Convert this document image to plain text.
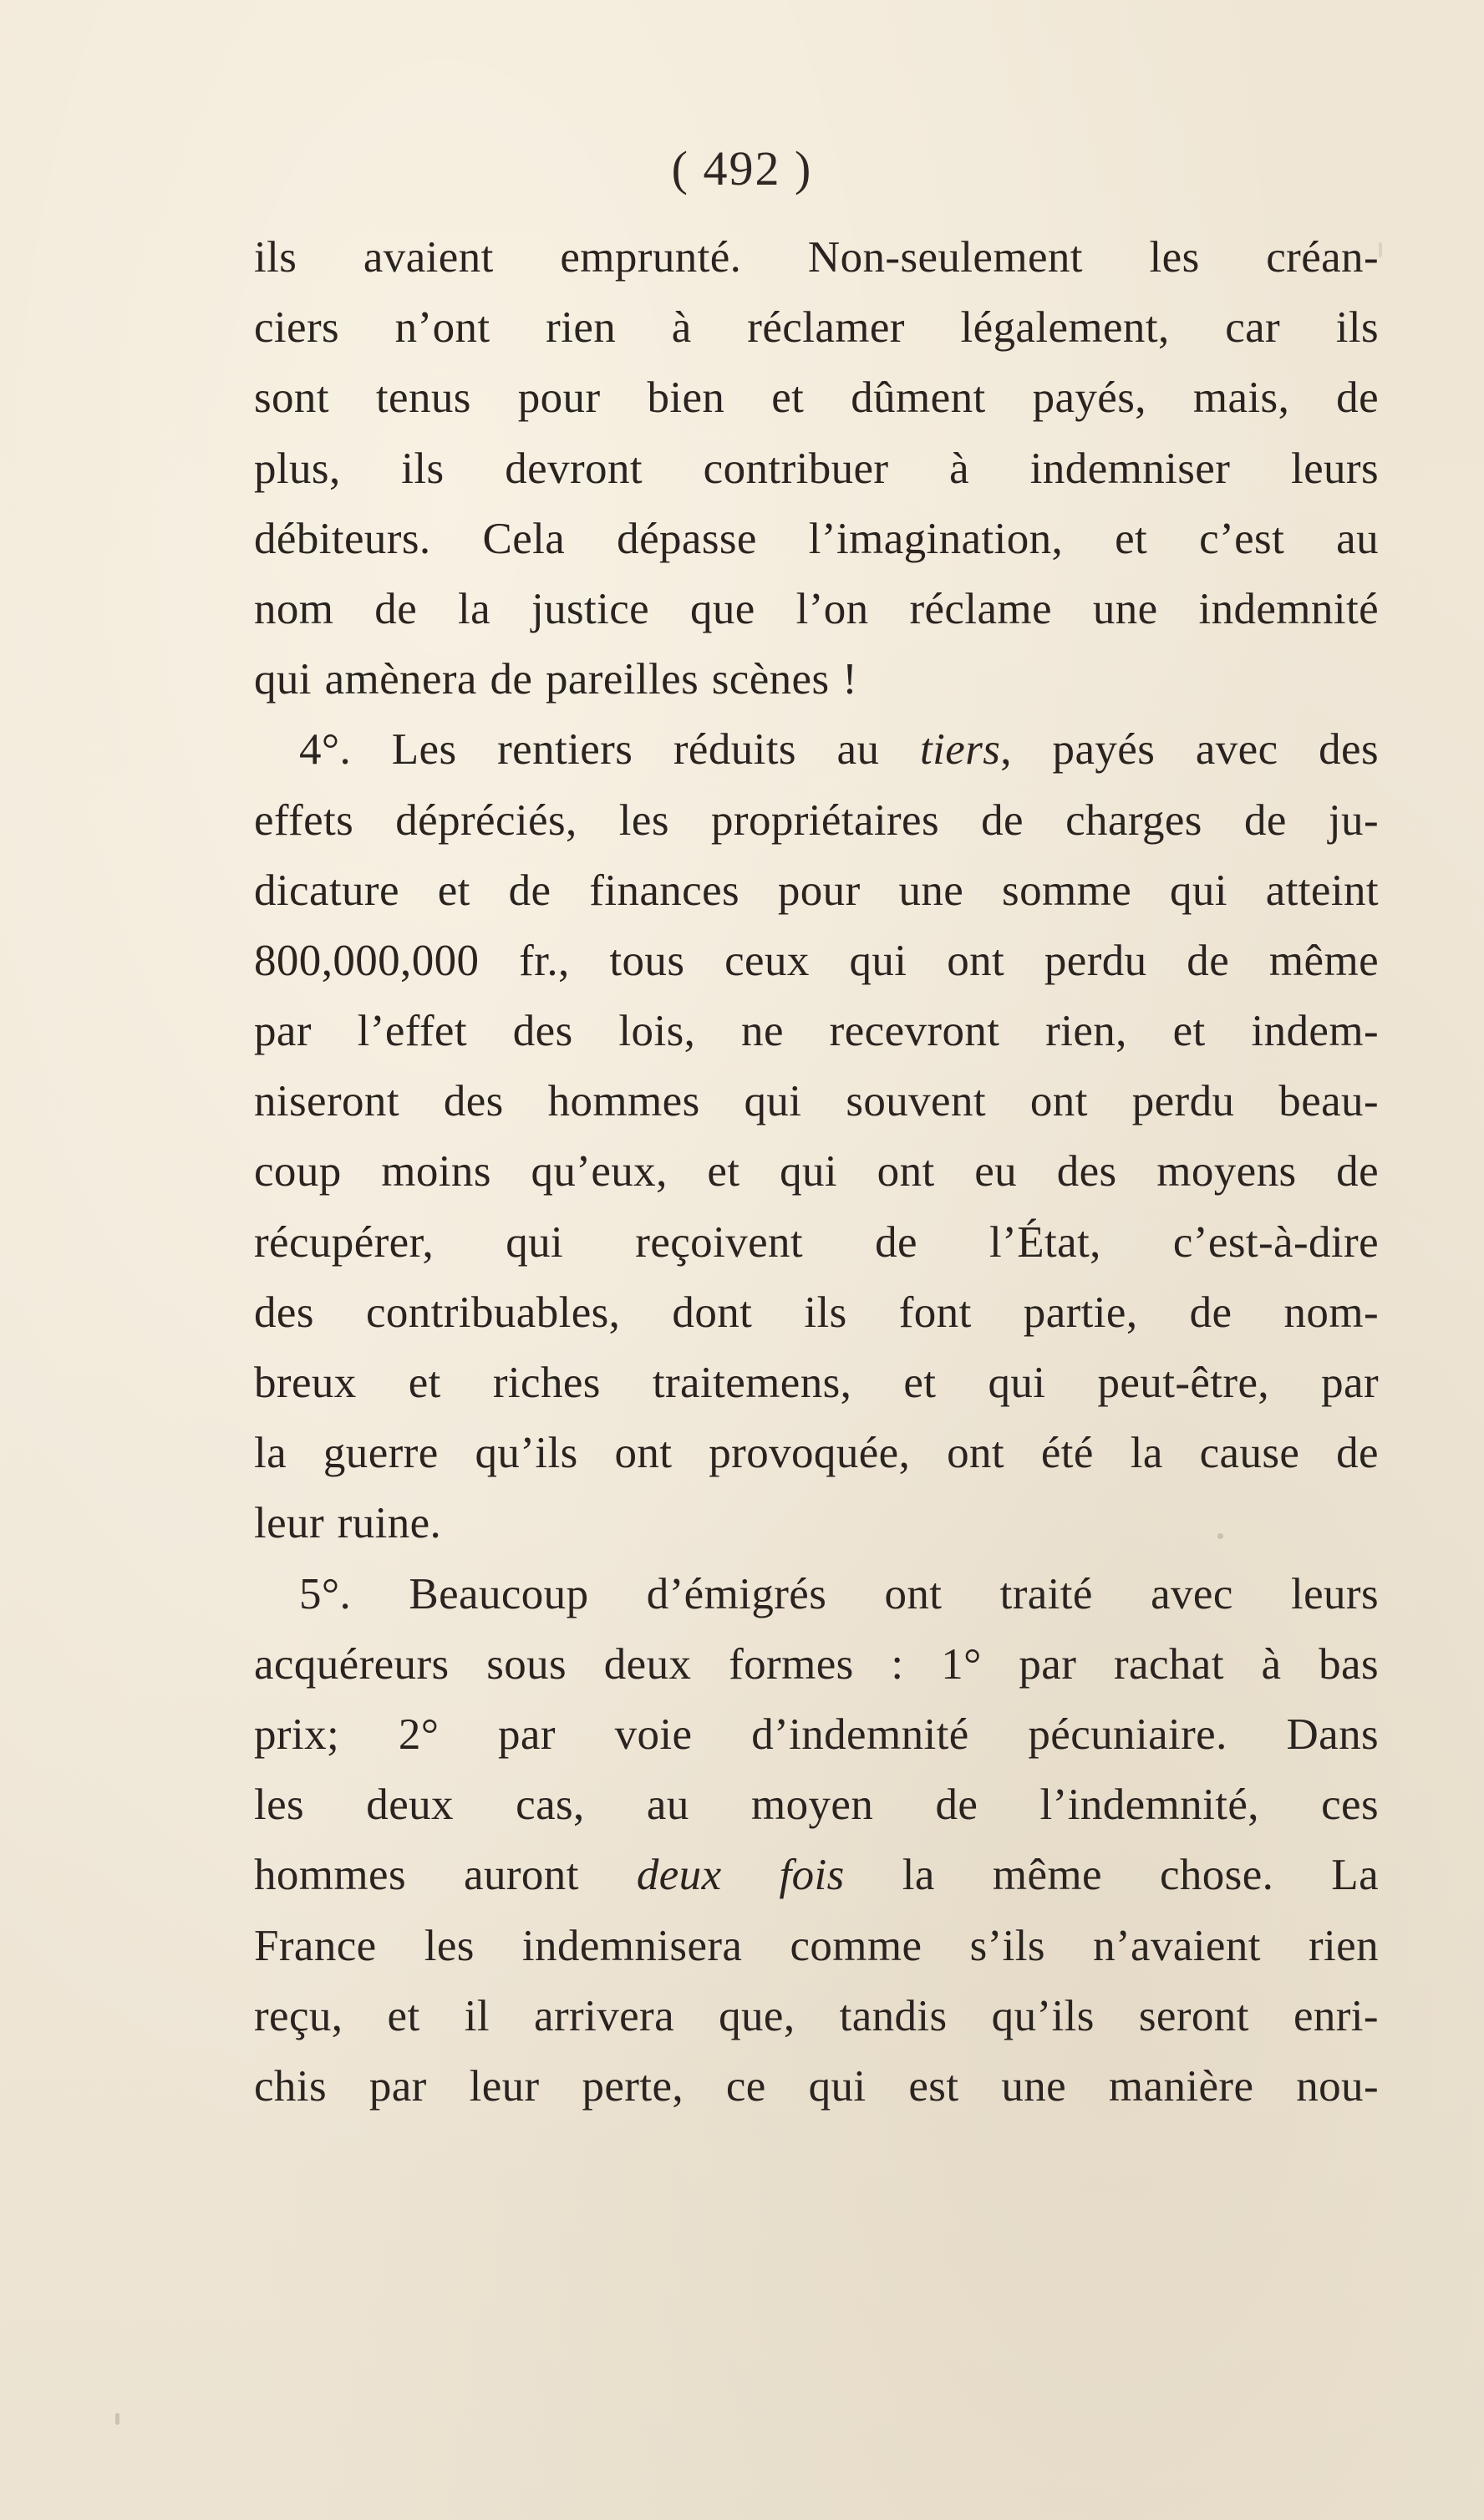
( 492 )
ils avaient emprunté. Non-seulement les créan-
ciers n’ont rien à réclamer légalement, car ils
sont tenus pour bien et dûment payés, mais, de
plus, ils devront contribuer à indemniser leurs
débiteurs. Cela dépasse l’imagination, et c’est au
nom de la justice que l’on réclame une indemnité
qui amènera de pareilles scènes !
4°. Les rentiers réduits au tiers, payés avec des
effets dépréciés, les propriétaires de charges de ju-
dicature et de finances pour une somme qui atteint
800,000,000 fr., tous ceux qui ont perdu de même
par l’effet des lois, ne recevront rien, et indem-
niseront des hommes qui souvent ont perdu beau-
coup moins qu’eux, et qui ont eu des moyens de
récupérer, qui reçoivent de l’État, c’est-à-dire
des contribuables, dont ils font partie, de nom-
breux et riches traitemens, et qui peut-être, par
la guerre qu’ils ont provoquée, ont été la cause de
leur ruine.
5°. Beaucoup d’émigrés ont traité avec leurs
acquéreurs sous deux formes : 1° par rachat à bas
prix; 2° par voie d’indemnité pécuniaire. Dans
les deux cas, au moyen de l’indemnité, ces
hommes auront deux fois la même chose. La
France les indemnisera comme s’ils n’avaient rien
reçu, et il arrivera que, tandis qu’ils seront enri-
chis par leur perte, ce qui est une manière nou-
